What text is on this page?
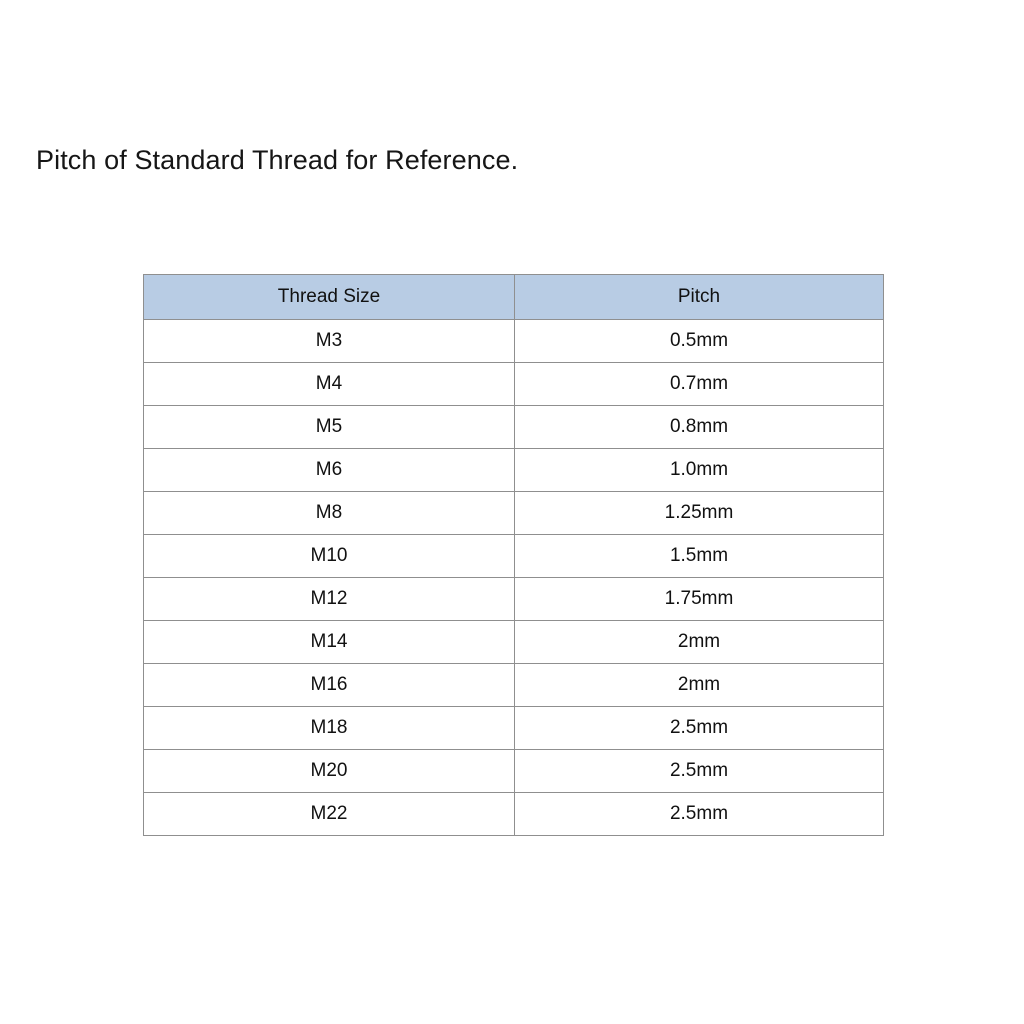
Pitch of Standard Thread for Reference.
Thread Size	Pitch
M3	0.5mm
M4	0.7mm
M5	0.8mm
M6	1.0mm
M8	1.25mm
M10	1.5mm
M12	1.75mm
M14	2mm
M16	2mm
M18	2.5mm
M20	2.5mm
M22	2.5mm
